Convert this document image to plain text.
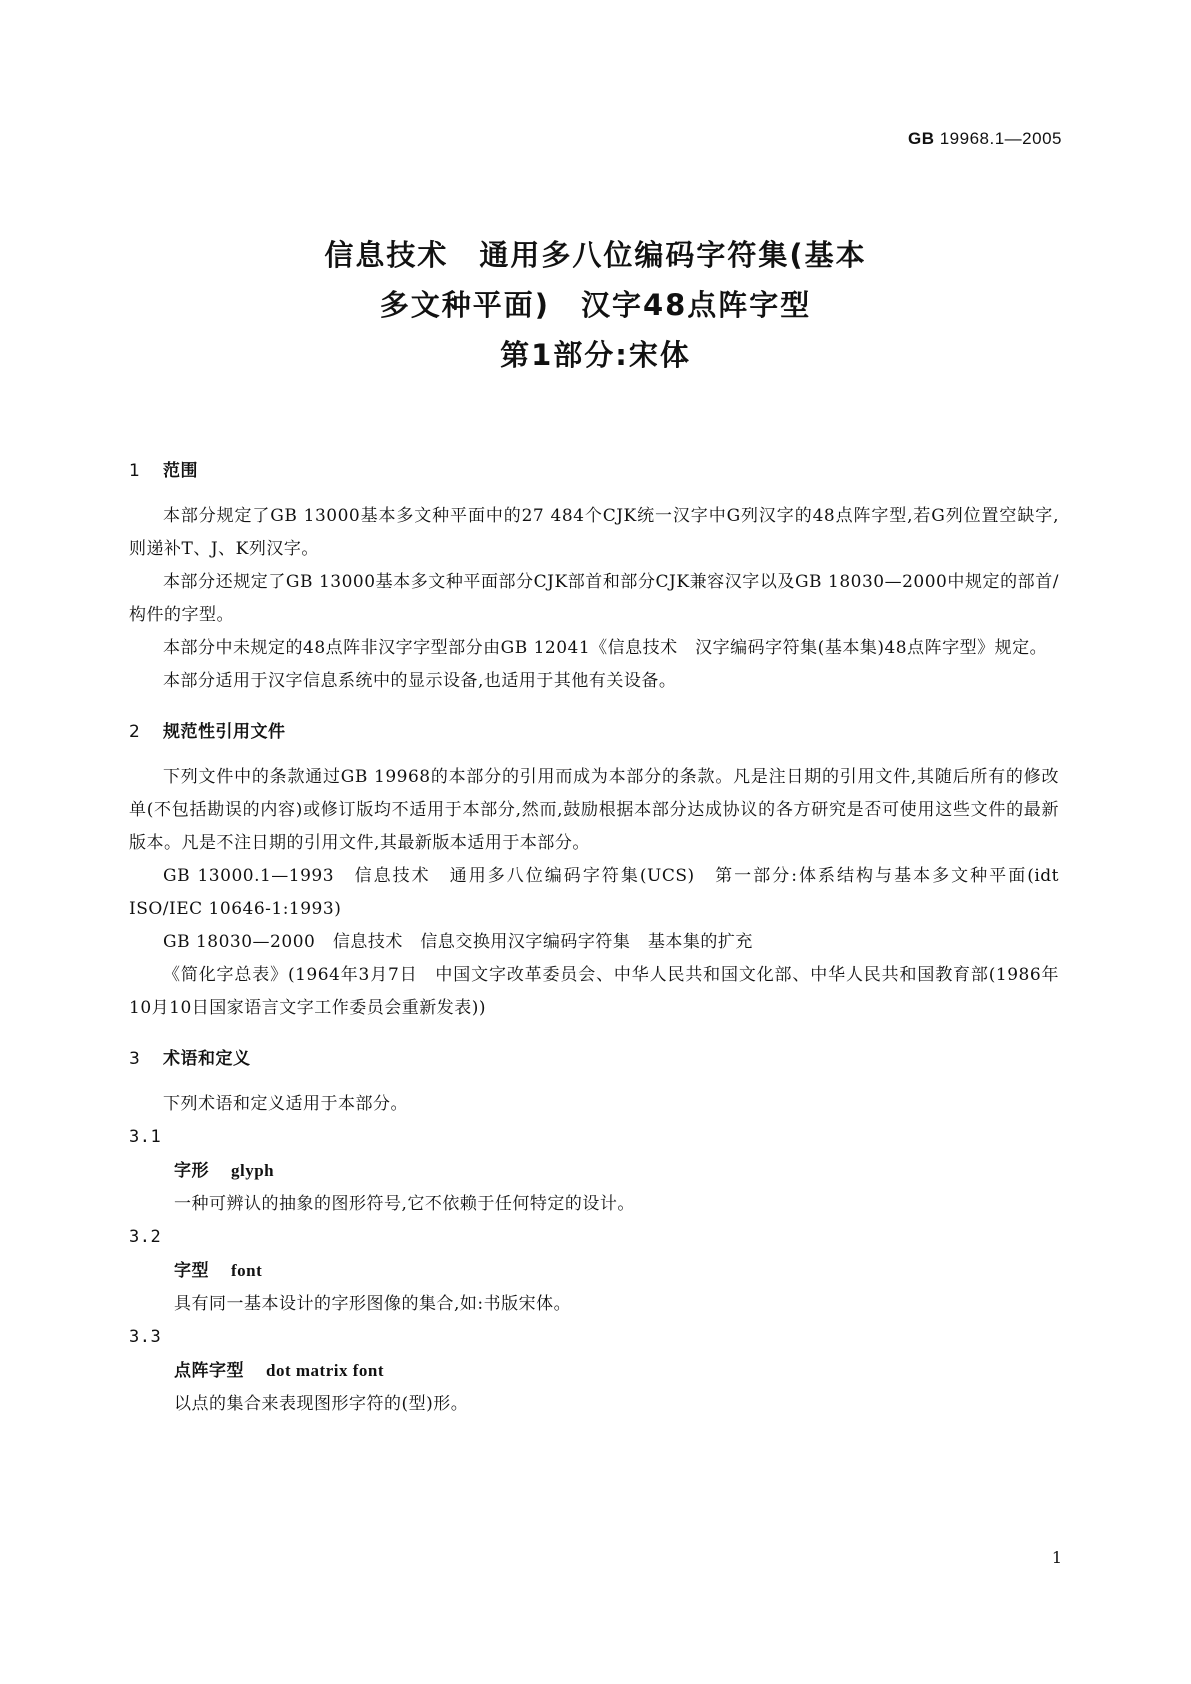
GB 19968.1—2005
信息技术　通用多八位编码字符集(基本
多文种平面)　汉字48点阵字型
第1部分:宋体

1 范围

本部分规定了GB 13000基本多文种平面中的27 484个CJK统一汉字中G列汉字的48点阵字型,若G列位置空缺字,则递补T、J、K列汉字。

本部分还规定了GB 13000基本多文种平面部分CJK部首和部分CJK兼容汉字以及GB 18030—2000中规定的部首/构件的字型。

本部分中未规定的48点阵非汉字字型部分由GB 12041《信息技术　汉字编码字符集(基本集)48点阵字型》规定。

本部分适用于汉字信息系统中的显示设备,也适用于其他有关设备。

2 规范性引用文件

下列文件中的条款通过GB 19968的本部分的引用而成为本部分的条款。凡是注日期的引用文件,其随后所有的修改单(不包括勘误的内容)或修订版均不适用于本部分,然而,鼓励根据本部分达成协议的各方研究是否可使用这些文件的最新版本。凡是不注日期的引用文件,其最新版本适用于本部分。

GB 13000.1—1993　信息技术　通用多八位编码字符集(UCS)　第一部分:体系结构与基本多文种平面(idt ISO/IEC 10646-1:1993)

GB 18030—2000　信息技术　信息交换用汉字编码字符集　基本集的扩充

《简化字总表》(1964年3月7日　中国文字改革委员会、中华人民共和国文化部、中华人民共和国教育部(1986年10月10日国家语言文字工作委员会重新发表))

3 术语和定义

下列术语和定义适用于本部分。

3.1

字形 glyph

一种可辨认的抽象的图形符号,它不依赖于任何特定的设计。

3.2

字型 font

具有同一基本设计的字形图像的集合,如:书版宋体。

3.3

点阵字型 dot matrix font

以点的集合来表现图形字符的(型)形。

1
